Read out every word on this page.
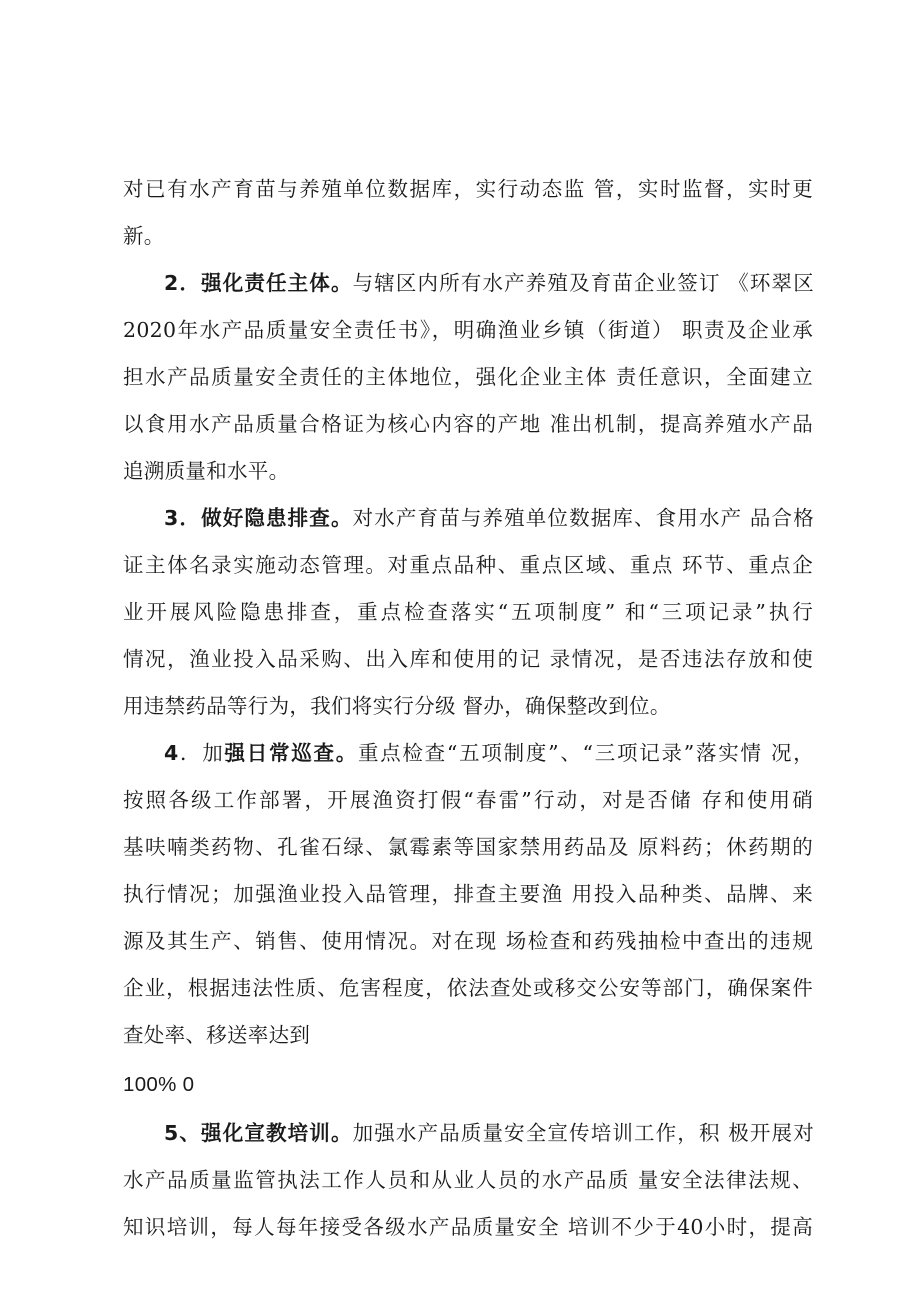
对已有水产育苗与养殖单位数据库，实行动态监 管，实时监督，实时更
新。
2．强化责任主体。与辖区内所有水产养殖及育苗企业签订 《环翠区
2020年水产品质量安全责任书》，明确渔业乡镇（街道） 职责及企业承
担水产品质量安全责任的主体地位，强化企业主体 责任意识，全面建立
以食用水产品质量合格证为核心内容的产地 准出机制，提高养殖水产品
追溯质量和水平。
3．做好隐患排查。对水产育苗与养殖单位数据库、食用水产 品合格
证主体名录实施动态管理。对重点品种、重点区域、重点 环节、重点企
业开展风险隐患排查，重点检查落实“五项制度” 和“三项记录”执行
情况，渔业投入品采购、出入库和使用的记 录情况，是否违法存放和使
用违禁药品等行为，我们将实行分级 督办，确保整改到位。
4．加强日常巡查。重点检查“五项制度”、“三项记录”落实情 况，
按照各级工作部署，开展渔资打假“春雷”行动，对是否储 存和使用硝
基呋喃类药物、孔雀石绿、氯霉素等国家禁用药品及 原料药；休药期的
执行情况；加强渔业投入品管理，排查主要渔 用投入品种类、品牌、来
源及其生产、销售、使用情况。对在现 场检查和药残抽检中查出的违规
企业，根据违法性质、危害程度，依法查处或移交公安等部门，确保案件
查处率、移送率达到
100% 0
5、强化宣教培训。加强水产品质量安全宣传培训工作，积 极开展对
水产品质量监管执法工作人员和从业人员的水产品质 量安全法律法规、
知识培训，每人每年接受各级水产品质量安全 培训不少于40小时，提高
